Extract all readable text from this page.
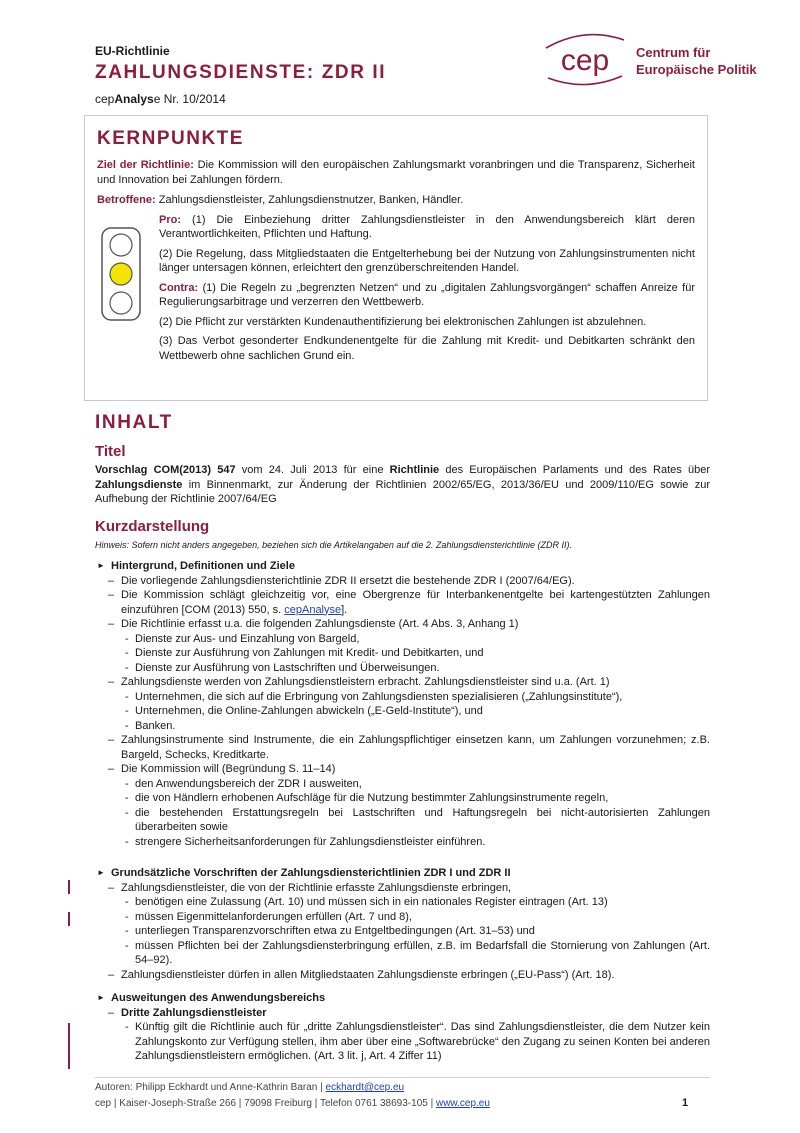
EU-Richtlinie
ZAHLUNGSDIENSTE: ZDR II
cepAnalyse Nr. 10/2014
cep Centrum für
Europäische Politik
KERNPUNKTE

Ziel der Richtlinie: Die Kommission will den europäischen Zahlungsmarkt voranbringen und die Transparenz, Sicherheit und Innovation bei Zahlungen fördern.

Betroffene: Zahlungsdienstleister, Zahlungsdienstnutzer, Banken, Händler.

Pro: (1) Die Einbeziehung dritter Zahlungsdienstleister in den Anwendungsbereich klärt deren Verantwortlichkeiten, Pflichten und Haftung.

(2) Die Regelung, dass Mitgliedstaaten die Entgelterhebung bei der Nutzung von Zahlungsinstrumenten nicht länger untersagen können, erleichtert den grenzüberschreitenden Handel.

Contra: (1) Die Regeln zu „begrenzten Netzen“ und zu „digitalen Zahlungsvorgängen“ schaffen Anreize für Regulierungsarbitrage und verzerren den Wettbewerb.

(2) Die Pflicht zur verstärkten Kundenauthentifizierung bei elektronischen Zahlungen ist abzulehnen.

(3) Das Verbot gesonderter Endkundenentgelte für die Zahlung mit Kredit- und Debitkarten schränkt den Wettbewerb ohne sachlichen Grund ein.

INHALT
Titel

Vorschlag COM(2013) 547 vom 24. Juli 2013 für eine Richtlinie des Europäischen Parlaments und des Rates über Zahlungsdienste im Binnenmarkt, zur Änderung der Richtlinien 2002/65/EG, 2013/36/EU und 2009/110/EG sowie zur Aufhebung der Richtlinie 2007/64/EG

Kurzdarstellung
Hinweis: Sofern nicht anders angegeben, beziehen sich die Artikelangaben auf die 2. Zahlungsdiensterichtlinie (ZDR II).
► Hintergrund, Definitionen und Ziele
– Die vorliegende Zahlungsdiensterichtlinie ZDR II ersetzt die bestehende ZDR I (2007/64/EG).
– Die Kommission schlägt gleichzeitig vor, eine Obergrenze für Interbankenentgelte bei kartengestützten Zahlungen einzuführen [COM (2013) 550, s. cepAnalyse].
– Die Richtlinie erfasst u.a. die folgenden Zahlungsdienste (Art. 4 Abs. 3, Anhang 1)
- Dienste zur Aus- und Einzahlung von Bargeld,
- Dienste zur Ausführung von Zahlungen mit Kredit- und Debitkarten, und
- Dienste zur Ausführung von Lastschriften und Überweisungen.
– Zahlungsdienste werden von Zahlungsdienstleistern erbracht. Zahlungsdienstleister sind u.a. (Art. 1)
- Unternehmen, die sich auf die Erbringung von Zahlungsdiensten spezialisieren („Zahlungsinstitute“),
- Unternehmen, die Online-Zahlungen abwickeln („E-Geld-Institute“), und
- Banken.
– Zahlungsinstrumente sind Instrumente, die ein Zahlungspflichtiger einsetzen kann, um Zahlungen vorzunehmen; z.B. Bargeld, Schecks, Kreditkarte.
– Die Kommission will (Begründung S. 11–14)
- den Anwendungsbereich der ZDR I ausweiten,
- die von Händlern erhobenen Aufschläge für die Nutzung bestimmter Zahlungsinstrumente regeln,
- die bestehenden Erstattungsregeln bei Lastschriften und Haftungsregeln bei nicht-autorisierten Zahlungen überarbeiten sowie
- strengere Sicherheitsanforderungen für Zahlungsdienstleister einführen.
► Grundsätzliche Vorschriften der Zahlungsdiensterichtlinien ZDR I und ZDR II
– Zahlungsdienstleister, die von der Richtlinie erfasste Zahlungsdienste erbringen,
- benötigen eine Zulassung (Art. 10) und müssen sich in ein nationales Register eintragen (Art. 13)
- müssen Eigenmittelanforderungen erfüllen (Art. 7 und 8),
- unterliegen Transparenzvorschriften etwa zu Entgeltbedingungen (Art. 31–53) und
- müssen Pflichten bei der Zahlungsdiensterbringung erfüllen, z.B. im Bedarfsfall die Stornierung von Zahlungen (Art. 54–92).
– Zahlungsdienstleister dürfen in allen Mitgliedstaaten Zahlungsdienste erbringen („EU-Pass“) (Art. 18).
► Ausweitungen des Anwendungsbereichs
– Dritte Zahlungsdienstleister
- Künftig gilt die Richtlinie auch für „dritte Zahlungsdienstleister“. Das sind Zahlungsdienstleister, die dem Nutzer kein Zahlungskonto zur Verfügung stellen, ihm aber über eine „Softwarebrücke“ den Zugang zu seinen Konten bei anderen Zahlungsdienstleistern ermöglichen. (Art. 3 lit. j, Art. 4 Ziffer 11)
Autoren: Philipp Eckhardt und Anne-Kathrin Baran | eckhardt@cep.eu
cep | Kaiser-Joseph-Straße 266 | 79098 Freiburg | Telefon 0761 38693-105 | www.cep.eu	1
